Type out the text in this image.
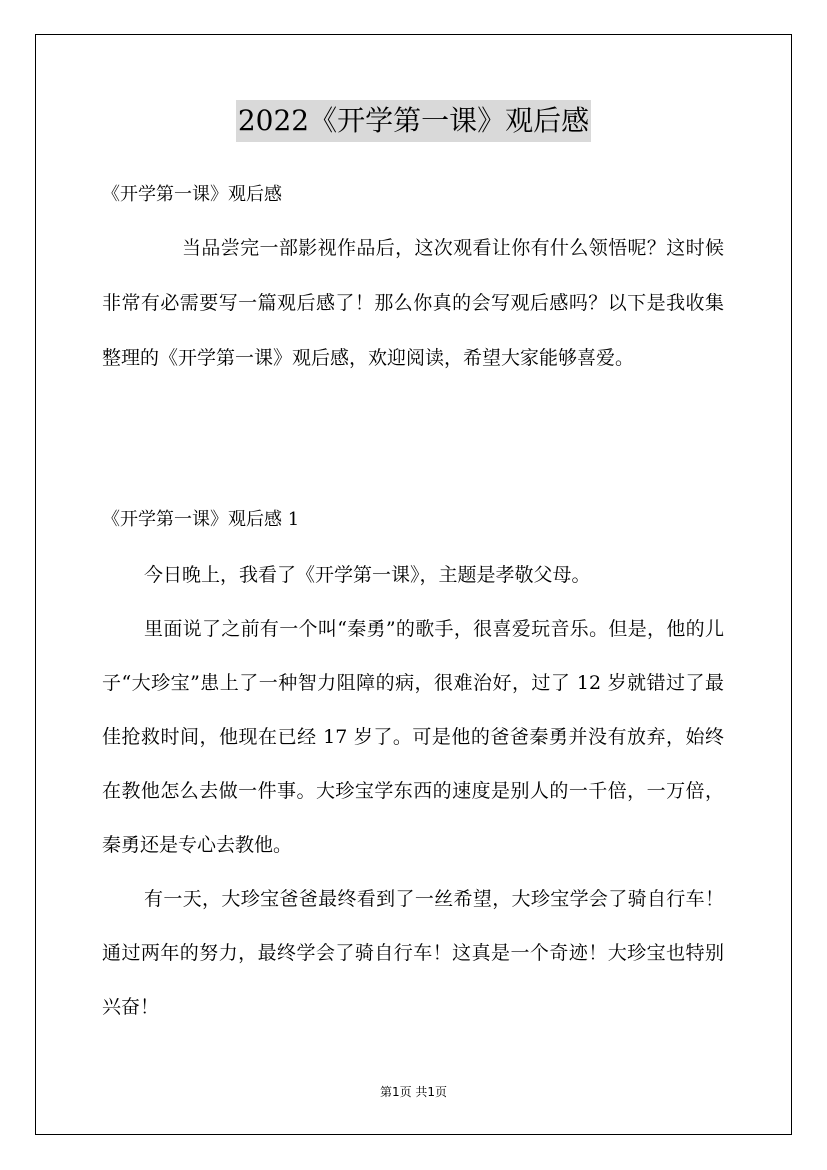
2022《开学第一课》观后感

《开学第一课》观后感

当品尝完一部影视作品后，这次观看让你有什么领悟呢？这时候非常有必需要写一篇观后感了！那么你真的会写观后感吗？以下是我收集整理的《开学第一课》观后感，欢迎阅读，希望大家能够喜爱。

《开学第一课》观后感 1

今日晚上，我看了《开学第一课》，主题是孝敬父母。

里面说了之前有一个叫“秦勇”的歌手，很喜爱玩音乐。但是，他的儿子“大珍宝”患上了一种智力阻障的病，很难治好，过了 12 岁就错过了最佳抢救时间，他现在已经 17 岁了。可是他的爸爸秦勇并没有放弃，始终在教他怎么去做一件事。大珍宝学东西的速度是别人的一千倍，一万倍，秦勇还是专心去教他。

有一天，大珍宝爸爸最终看到了一丝希望，大珍宝学会了骑自行车！通过两年的努力，最终学会了骑自行车！这真是一个奇迹！大珍宝也特别兴奋！

第1页 共1页
